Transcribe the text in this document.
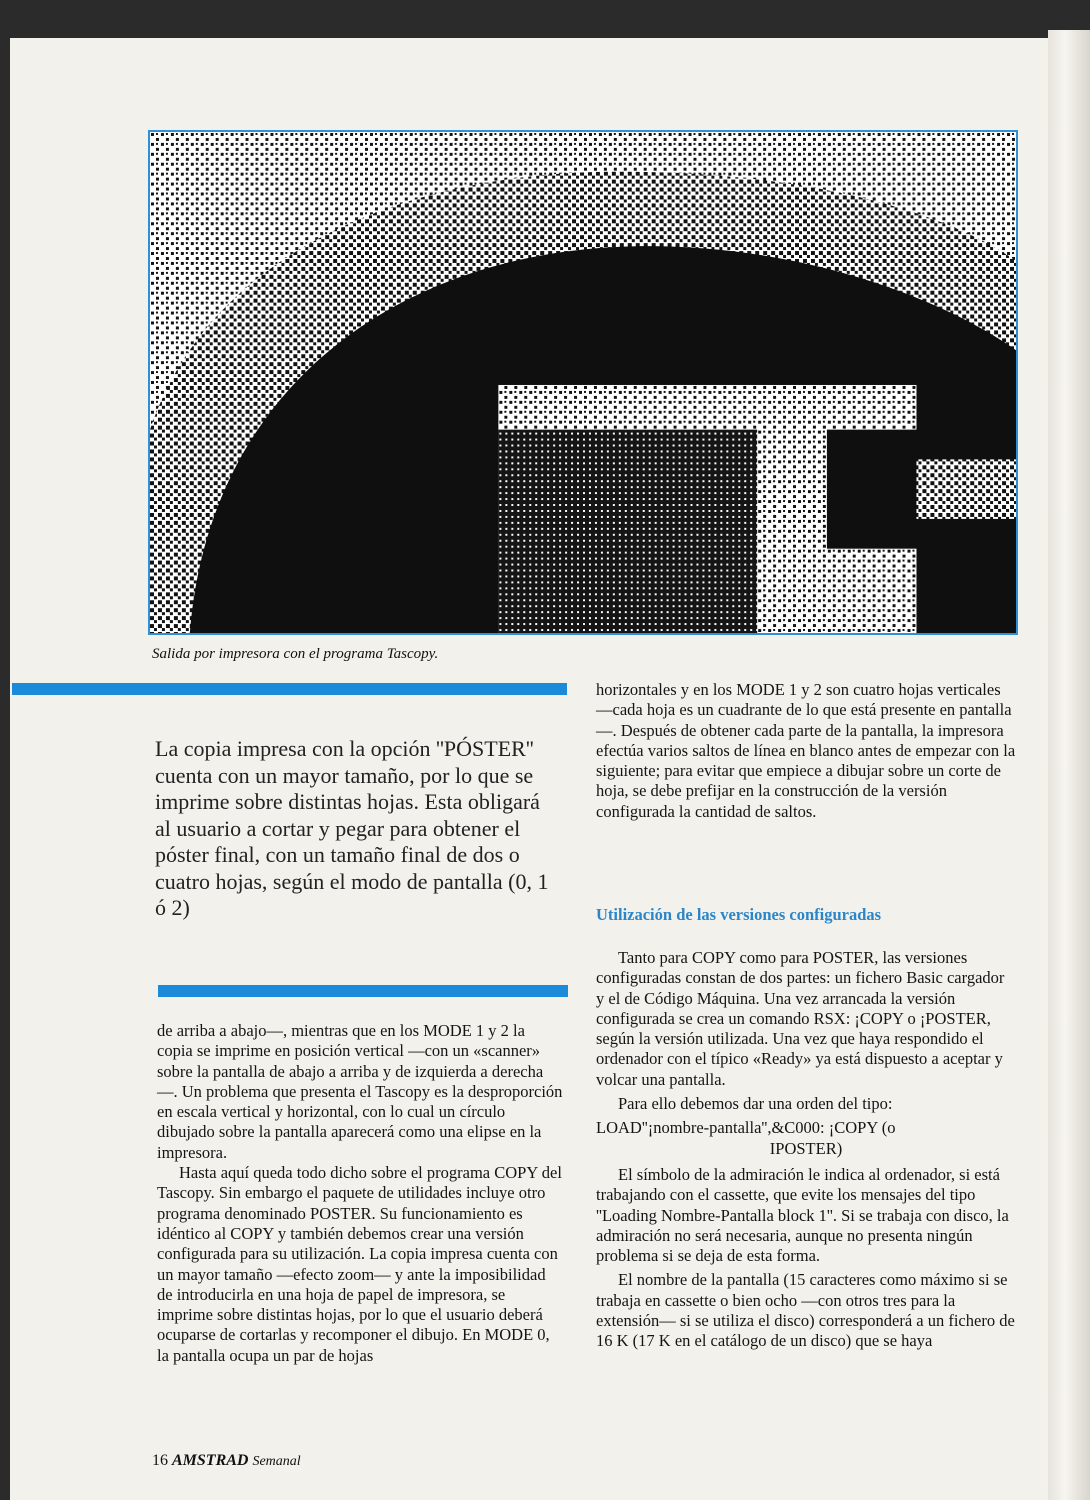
Salida por impresora con el programa Tascopy.
La copia impresa con la opción ''PÓSTER'' cuenta con un mayor tamaño, por lo que se imprime sobre distintas hojas. Esta obligará al usuario a cortar y pegar para obtener el póster final, con un tamaño final de dos o cuatro hojas, según el modo de pantalla (0, 1 ó 2)

de arriba a abajo—, mientras que en los MODE 1 y 2 la copia se imprime en posición vertical —con un «scanner» sobre la pantalla de abajo a arriba y de izquierda a derecha—. Un problema que presenta el Tascopy es la desproporción en escala vertical y horizontal, con lo cual un círculo dibujado sobre la pantalla aparecerá como una elipse en la impresora.

Hasta aquí queda todo dicho sobre el programa COPY del Tascopy. Sin embargo el paquete de utilidades incluye otro programa denominado POSTER. Su funcionamiento es idéntico al COPY y también debemos crear una versión configurada para su utilización. La copia impresa cuenta con un mayor tamaño —efecto zoom— y ante la imposibilidad de introducirla en una hoja de papel de impresora, se imprime sobre distintas hojas, por lo que el usuario deberá ocuparse de cortarlas y recomponer el dibujo. En MODE 0, la pantalla ocupa un par de hojas

horizontales y en los MODE 1 y 2 son cuatro hojas verticales —cada hoja es un cuadrante de lo que está presente en pantalla—. Después de obtener cada parte de la pantalla, la impresora efectúa varios saltos de línea en blanco antes de empezar con la siguiente; para evitar que empiece a dibujar sobre un corte de hoja, se debe prefijar en la construcción de la versión configurada la cantidad de saltos.

Utilización de las versiones configuradas

Tanto para COPY como para POSTER, las versiones configuradas constan de dos partes: un fichero Basic cargador y el de Código Máquina. Una vez arrancada la versión configurada se crea un comando RSX: ¡COPY o ¡POSTER, según la versión utilizada. Una vez que haya respondido el ordenador con el típico «Ready» ya está dispuesto a aceptar y volcar una pantalla.

Para ello debemos dar una orden del tipo:

LOAD''¡nombre-pantalla'',&C000: ¡COPY (o

IPOSTER)

El símbolo de la admiración le indica al ordenador, si está trabajando con el cassette, que evite los mensajes del tipo ''Loading Nombre-Pantalla block 1''. Si se trabaja con disco, la admiración no será necesaria, aunque no presenta ningún problema si se deja de esta forma.

El nombre de la pantalla (15 caracteres como máximo si se trabaja en cassette o bien ocho —con otros tres para la extensión— si se utiliza el disco) corresponderá a un fichero de 16 K (17 K en el catálogo de un disco) que se haya

16 AMSTRAD Semanal
